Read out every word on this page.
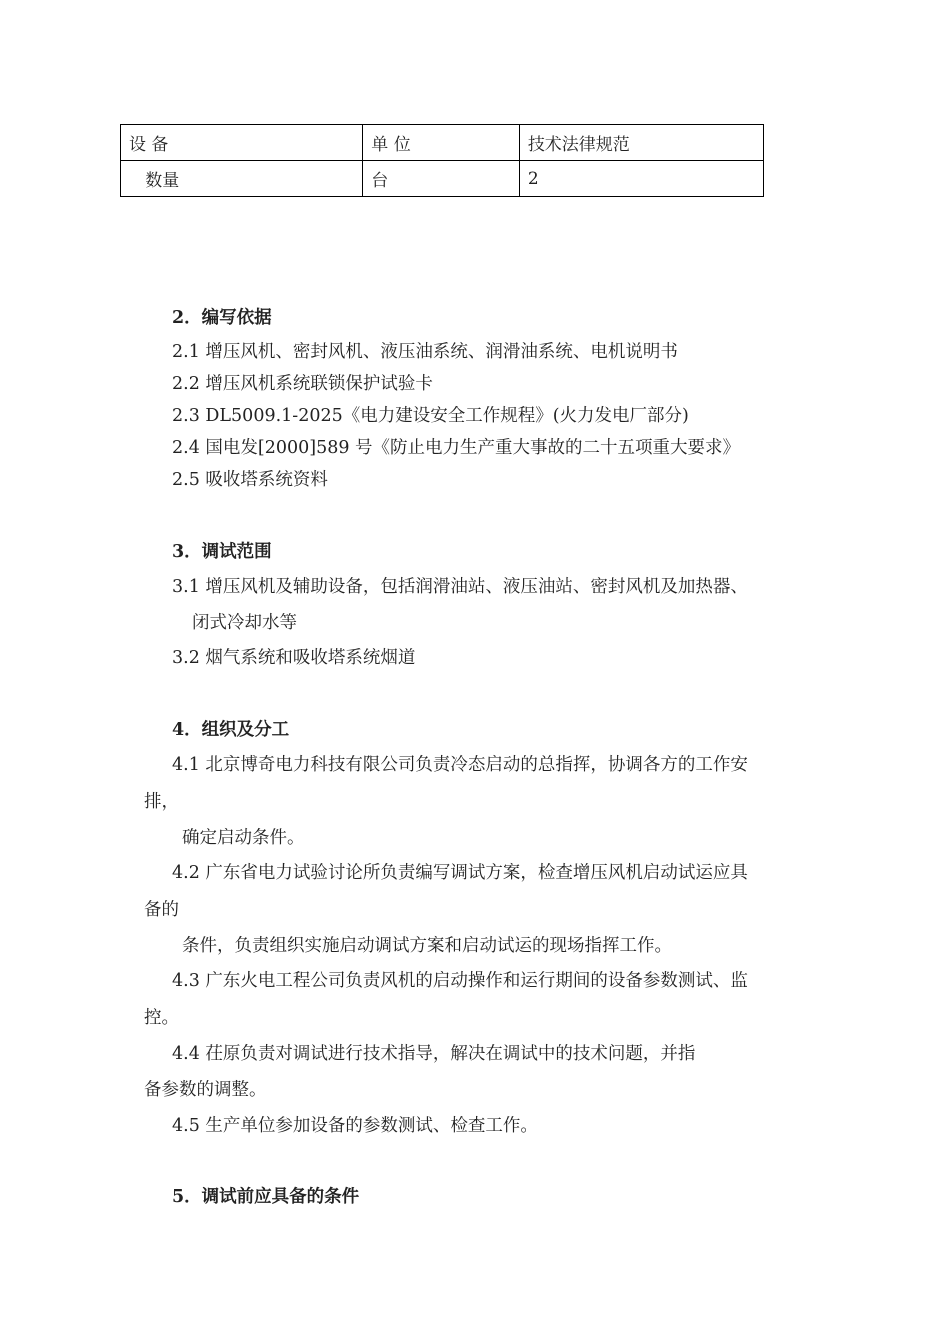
设 备	单 位	技术法律规范
数量	台	2
2．编写依据
2.1 增压风机、密封风机、液压油系统、润滑油系统、电机说明书
2.2 增压风机系统联锁保护试验卡
2.3 DL5009.1-2025《电力建设安全工作规程》(火力发电厂部分)
2.4 国电发[2000]589 号《防止电力生产重大事故的二十五项重大要求》
2.5 吸收塔系统资料
3．调试范围
3.1 增压风机及辅助设备，包括润滑油站、液压油站、密封风机及加热器、
闭式冷却水等
3.2 烟气系统和吸收塔系统烟道
4．组织及分工
4.1 北京博奇电力科技有限公司负责冷态启动的总指挥，协调各方的工作安
排，
确定启动条件。
4.2 广东省电力试验讨论所负责编写调试方案，检查增压风机启动试运应具
备的
条件，负责组织实施启动调试方案和启动试运的现场指挥工作。
4.3 广东火电工程公司负责风机的启动操作和运行期间的设备参数测试、监
控。
4.4 茌原负责对调试进行技术指导，解决在调试中的技术问题，并指
备参数的调整。
4.5 生产单位参加设备的参数测试、检查工作。
5．调试前应具备的条件
